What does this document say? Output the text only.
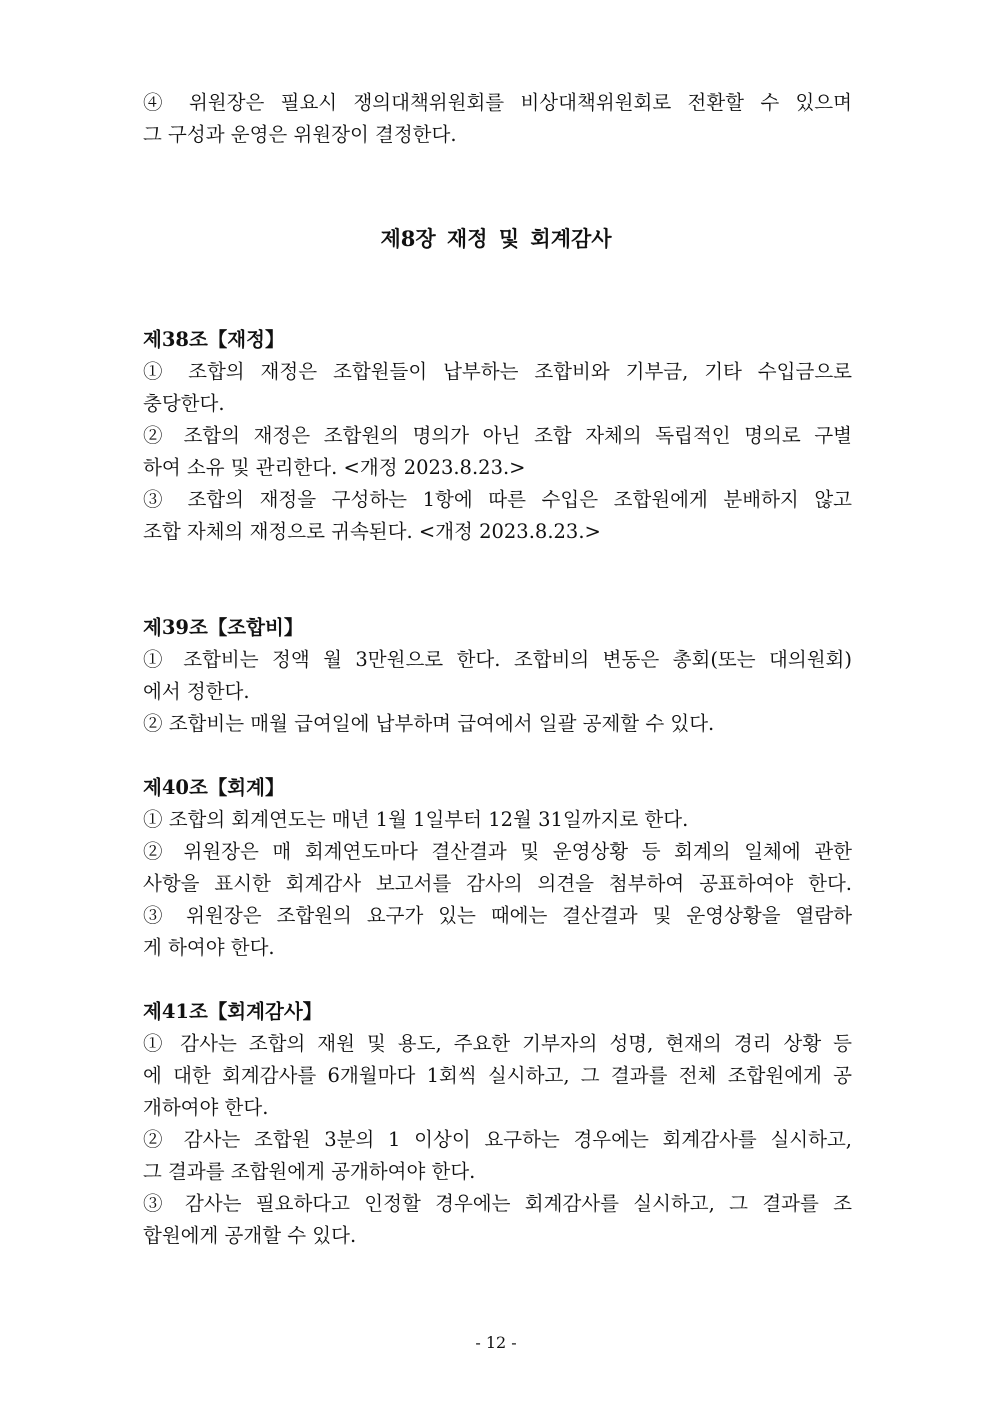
④ 위원장은 필요시 쟁의대책위원회를 비상대책위원회로 전환할 수 있으며
그 구성과 운영은 위원장이 결정한다.
제8장 재정 및 회계감사
제38조【재정】
① 조합의 재정은 조합원들이 납부하는 조합비와 기부금, 기타 수입금으로
충당한다.
② 조합의 재정은 조합원의 명의가 아닌 조합 자체의 독립적인 명의로 구별
하여 소유 및 관리한다. <개정 2023.8.23.>
③ 조합의 재정을 구성하는 1항에 따른 수입은 조합원에게 분배하지 않고
조합 자체의 재정으로 귀속된다. <개정 2023.8.23.>
제39조【조합비】
① 조합비는 정액 월 3만원으로 한다. 조합비의 변동은 총회(또는 대의원회)
에서 정한다.
② 조합비는 매월 급여일에 납부하며 급여에서 일괄 공제할 수 있다.
제40조【회계】
① 조합의 회계연도는 매년 1월 1일부터 12월 31일까지로 한다.
② 위원장은 매 회계연도마다 결산결과 및 운영상황 등 회계의 일체에 관한
사항을 표시한 회계감사 보고서를 감사의 의견을 첨부하여 공표하여야 한다.
③ 위원장은 조합원의 요구가 있는 때에는 결산결과 및 운영상황을 열람하
게 하여야 한다.
제41조【회계감사】
① 감사는 조합의 재원 및 용도, 주요한 기부자의 성명, 현재의 경리 상황 등
에 대한 회계감사를 6개월마다 1회씩 실시하고, 그 결과를 전체 조합원에게 공
개하여야 한다.
② 감사는 조합원 3분의 1 이상이 요구하는 경우에는 회계감사를 실시하고,
그 결과를 조합원에게 공개하여야 한다.
③ 감사는 필요하다고 인정할 경우에는 회계감사를 실시하고, 그 결과를 조
합원에게 공개할 수 있다.
- 12 -
